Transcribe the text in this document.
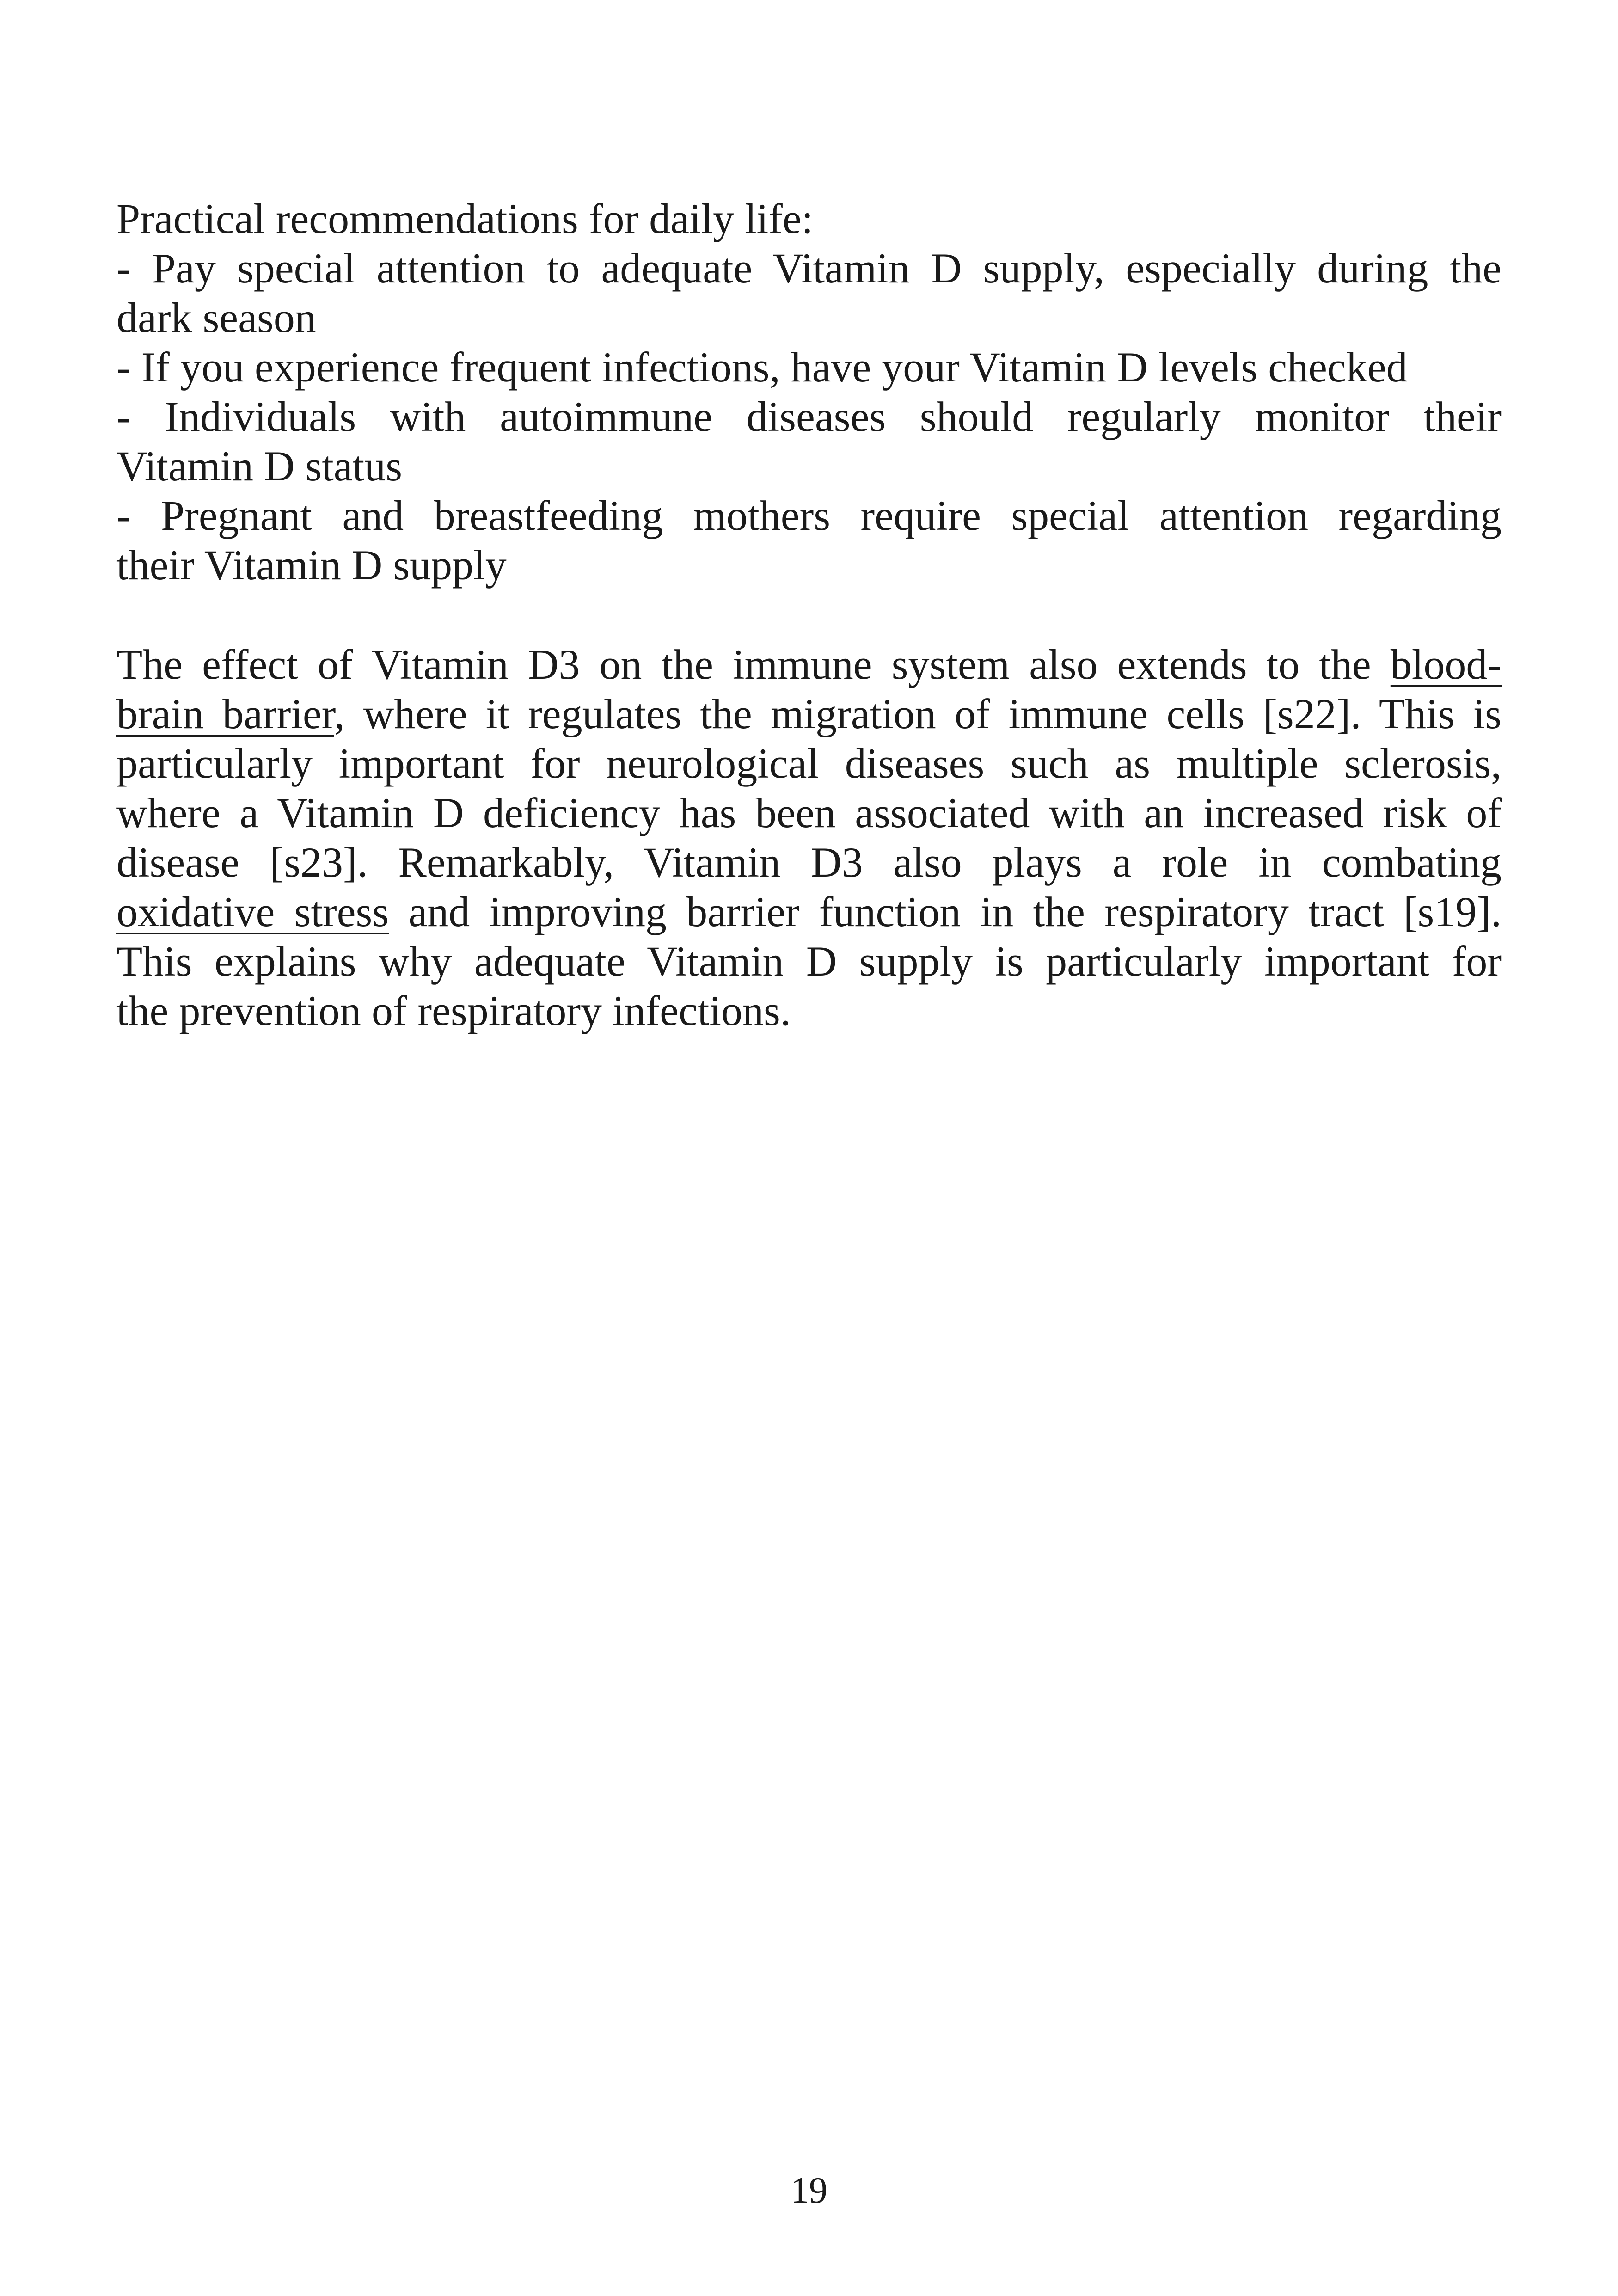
Practical recommendations for daily life:
- Pay special attention to adequate Vitamin D supply, especially during the
dark season
- If you experience frequent infections, have your Vitamin D levels checked
- Individuals with autoimmune diseases should regularly monitor their
Vitamin D status
- Pregnant and breastfeeding mothers require special attention regarding
their Vitamin D supply
The effect of Vitamin D3 on the immune system also extends to the blood-
brain barrier, where it regulates the migration of immune cells [s22]. This is
particularly important for neurological diseases such as multiple sclerosis,
where a Vitamin D deficiency has been associated with an increased risk of
disease [s23]. Remarkably, Vitamin D3 also plays a role in combating
oxidative stress and improving barrier function in the respiratory tract [s19].
This explains why adequate Vitamin D supply is particularly important for
the prevention of respiratory infections.
19
